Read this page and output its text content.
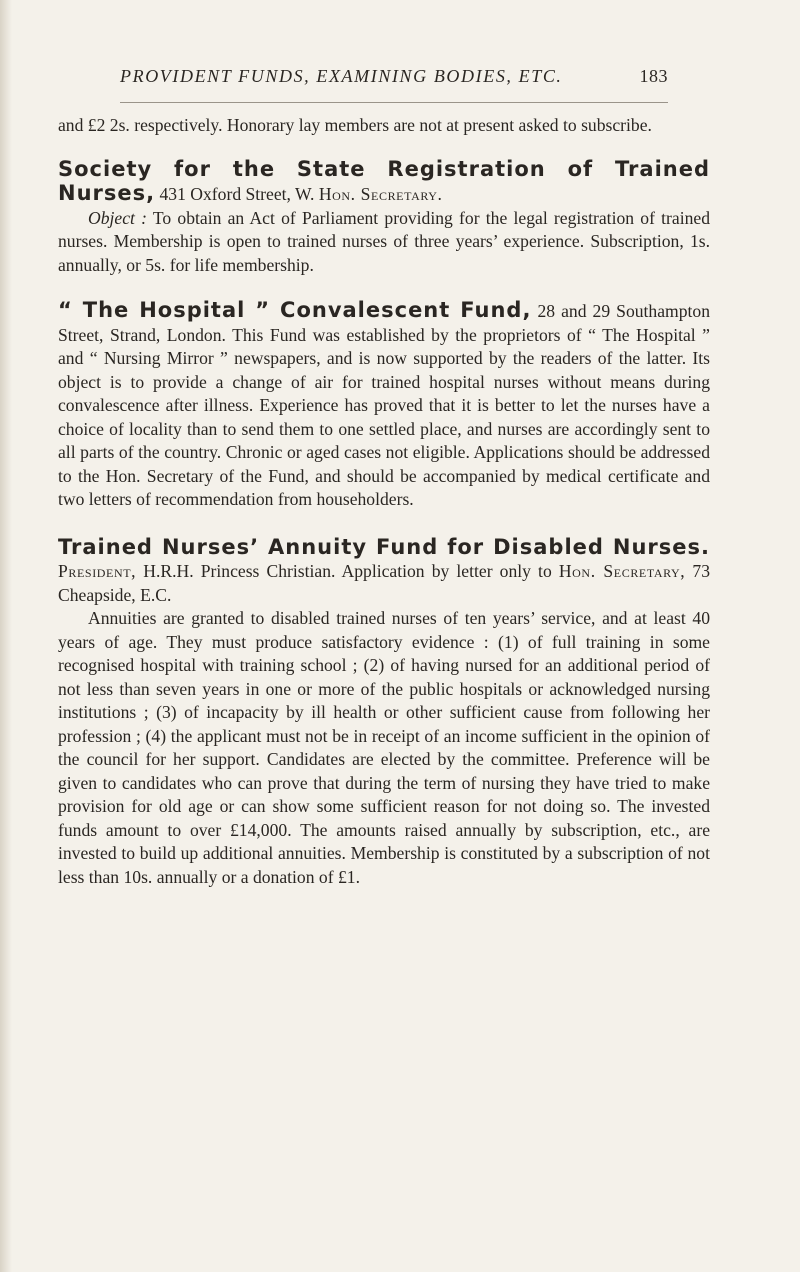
PROVIDENT FUNDS, EXAMINING BODIES, ETC.	183

and £2 2s. respectively. Honorary lay members are not at present asked to subscribe.

Society for the State Registration of Trained Nurses, 431 Oxford Street, W. Hon. Secretary.

Object : To obtain an Act of Parliament providing for the legal registration of trained nurses. Membership is open to trained nurses of three years’ experience. Subscription, 1s. annually, or 5s. for life membership.

“ The Hospital ” Convalescent Fund, 28 and 29 Southampton Street, Strand, London. This Fund was established by the proprietors of “ The Hospital ” and “ Nursing Mirror ” newspapers, and is now supported by the readers of the latter. Its object is to provide a change of air for trained hospital nurses without means during convalescence after illness. Experience has proved that it is better to let the nurses have a choice of locality than to send them to one settled place, and nurses are accordingly sent to all parts of the country. Chronic or aged cases not eligible. Applications should be addressed to the Hon. Secretary of the Fund, and should be accompanied by medical certificate and two letters of recommendation from householders.

Trained Nurses’ Annuity Fund for Disabled Nurses. President, H.R.H. Princess Christian. Application by letter only to Hon. Secretary, 73 Cheapside, E.C.

Annuities are granted to disabled trained nurses of ten years’ service, and at least 40 years of age. They must produce satisfactory evidence : (1) of full training in some recognised hospital with training school ; (2) of having nursed for an additional period of not less than seven years in one or more of the public hospitals or acknowledged nursing institutions ; (3) of incapacity by ill health or other sufficient cause from following her profession ; (4) the applicant must not be in receipt of an income sufficient in the opinion of the council for her support. Candidates are elected by the committee. Preference will be given to candidates who can prove that during the term of nursing they have tried to make provision for old age or can show some sufficient reason for not doing so. The invested funds amount to over £14,000. The amounts raised annually by subscription, etc., are invested to build up additional annuities. Membership is constituted by a subscription of not less than 10s. annually or a donation of £1.
